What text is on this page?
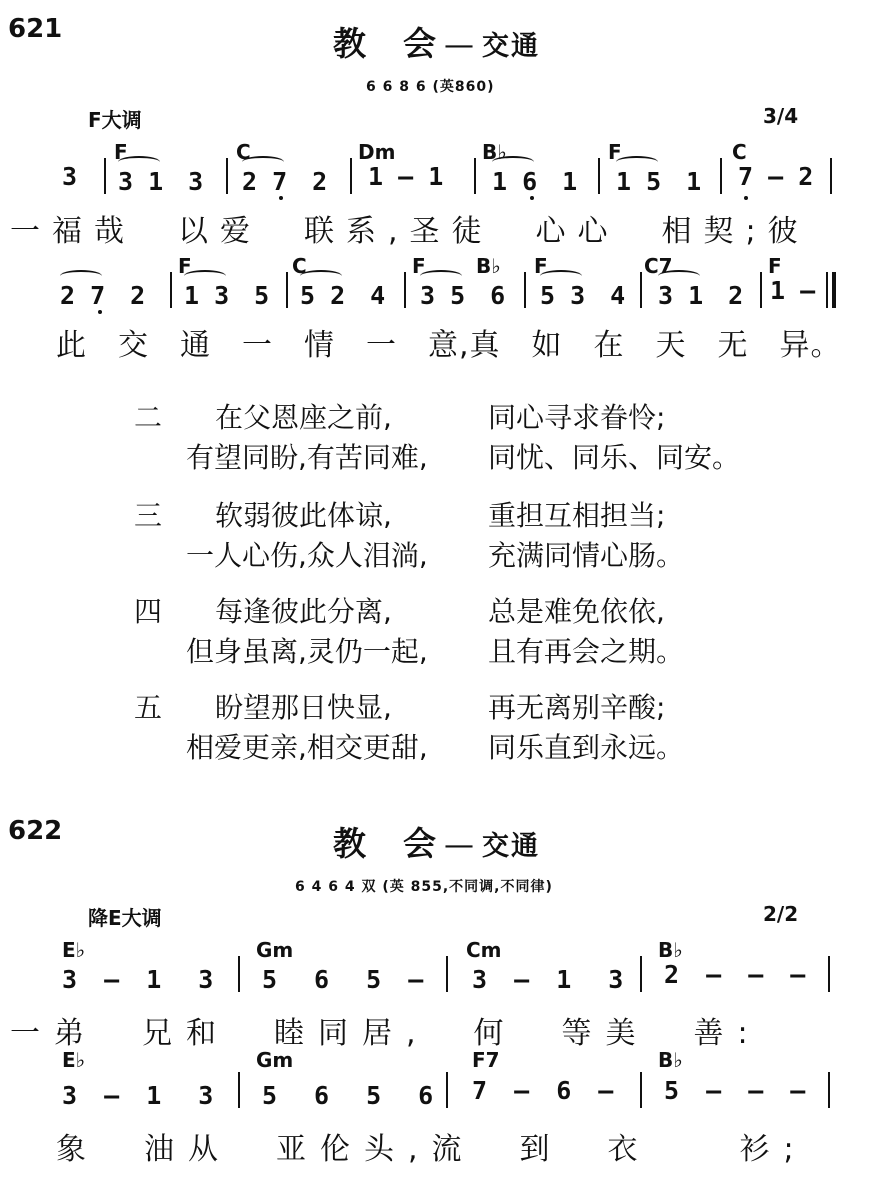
621	教　会 — 交通
6 6 8 6 (英860)
F大调	3/4
F	C	Dm	B♭	F	C
3 3 1　3 2 7　2 1 — 1 1 6　1 1 5　1 7 — 2
一福哉　以爱　联系,圣徒　心心　相契;彼
F	C	F	B♭ F	C7	F
2 7　2 1 3　5 5 2　4 3 5　6 5 3　4 3 1　2 1 —
此　交　通　一　情　一　意,真　如　在　天　无　异。
二 在父恩座之前,	同心寻求眷怜;
有望同盼,有苦同难, 同忧、同乐、同安。
三 软弱彼此体谅,	重担互相担当;
一人心伤,众人泪淌, 充满同情心肠。
四 每逢彼此分离,	总是难免依依,
但身虽离,灵仍一起, 且有再会之期。
五 盼望那日快显,	再无离别辛酸;
相爱更亲,相交更甜, 同乐直到永远。
622	教　会 — 交通
6 4 6 4 双 (英 855,不同调,不同律)
降E大调	2/2
E♭	Gm	Cm	B♭
3 — 1　3 5　6　5 — 3 — 1　3 2 — — —
一弟　兄和　睦同居,　何　等美　善:
E♭	Gm	F7	B♭
3 — 1　3 5　6　5　6 7 — 6 — 5 — — —
象　油从　亚伦头,流　到　衣　　衫;
